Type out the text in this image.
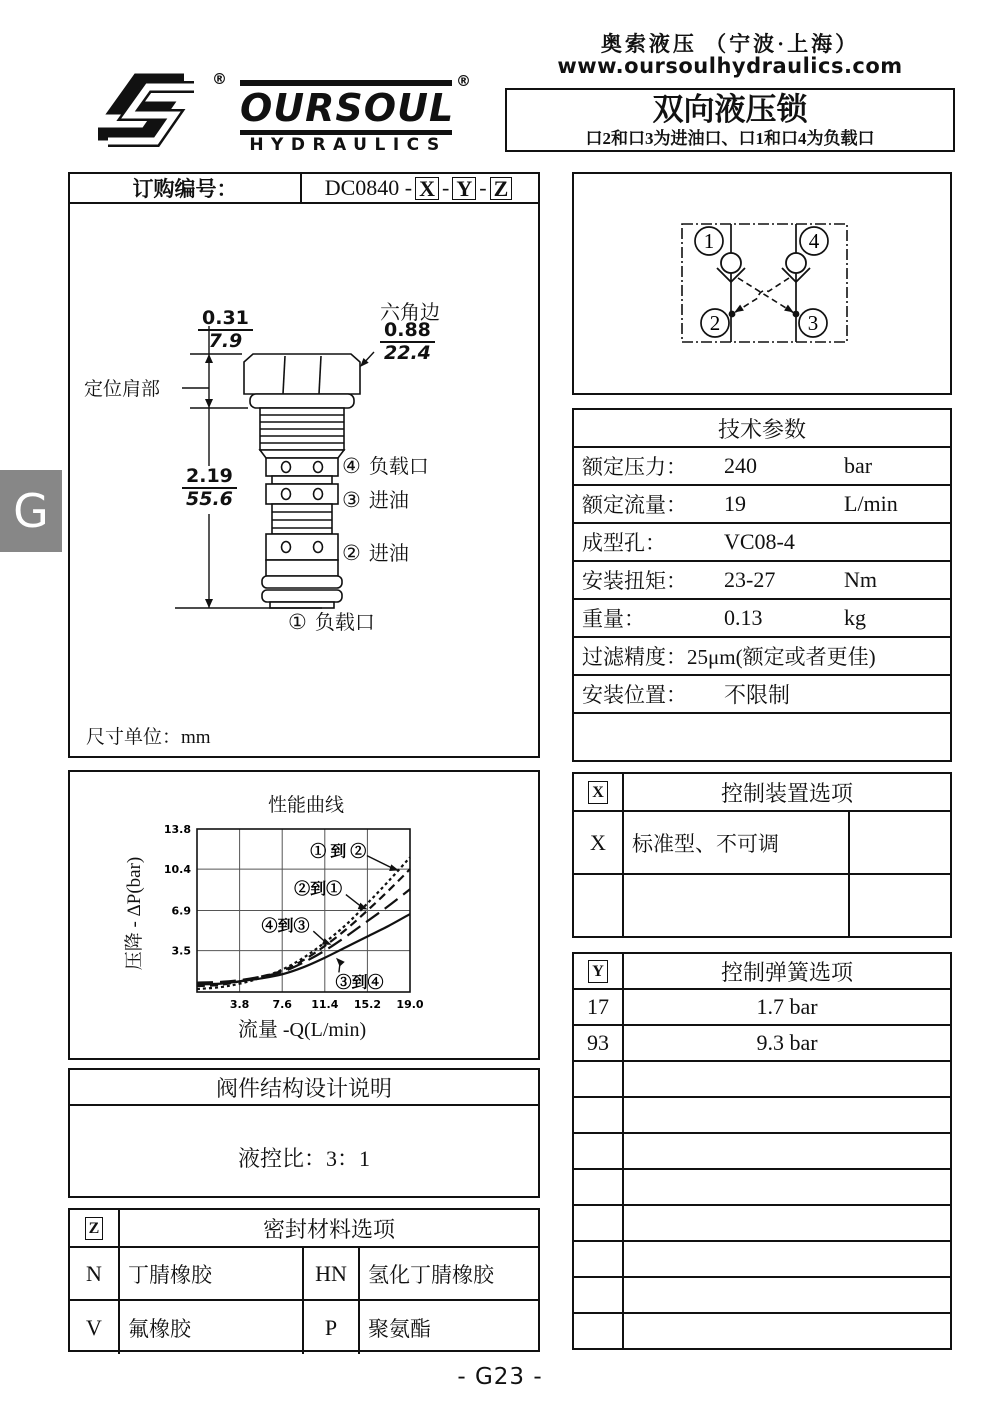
®
OURSOUL
®
HYDRAULICS
奥索液压 （宁波·上海）
www.oursoulhydraulics.com
双向液压锁
口2和口3为进油口、口1和口4为负载口
订购编号：	DC0840 - X - Y - Z
$\frac{0.31}{7.9}$	六角边
$\frac{0.88}{22.4}$
定位肩部
$\frac{2.19}{55.6}$	④ 负载口
③ 进油
② 进油
① 负载口
尺寸单位：mm
性能曲线
压降 - ΔP(bar)
流量 -Q(L/min)
3.8 7.6 11.4 15.2 19.0
3.5
6.9
10.4
13.8
① 到 ②
②到①
④到③
③到④
阀件结构设计说明
液控比：3：1
Z	密封材料选项
N	丁腈橡胶	HN	氢化丁腈橡胶
V	氟橡胶	P	聚氨酯
1	4
2	3
技术参数
额定压力： 240	bar
额定流量： 19	L/min
成型孔：	VC08-4
安装扭矩： 23-27	Nm
重量：	0.13	kg
过滤精度：25μm(额定或者更佳)
安装位置： 不限制
X	控制装置选项
X	标准型、不可调
Y	控制弹簧选项
17	1.7 bar
93	9.3 bar
G
- G23 -
